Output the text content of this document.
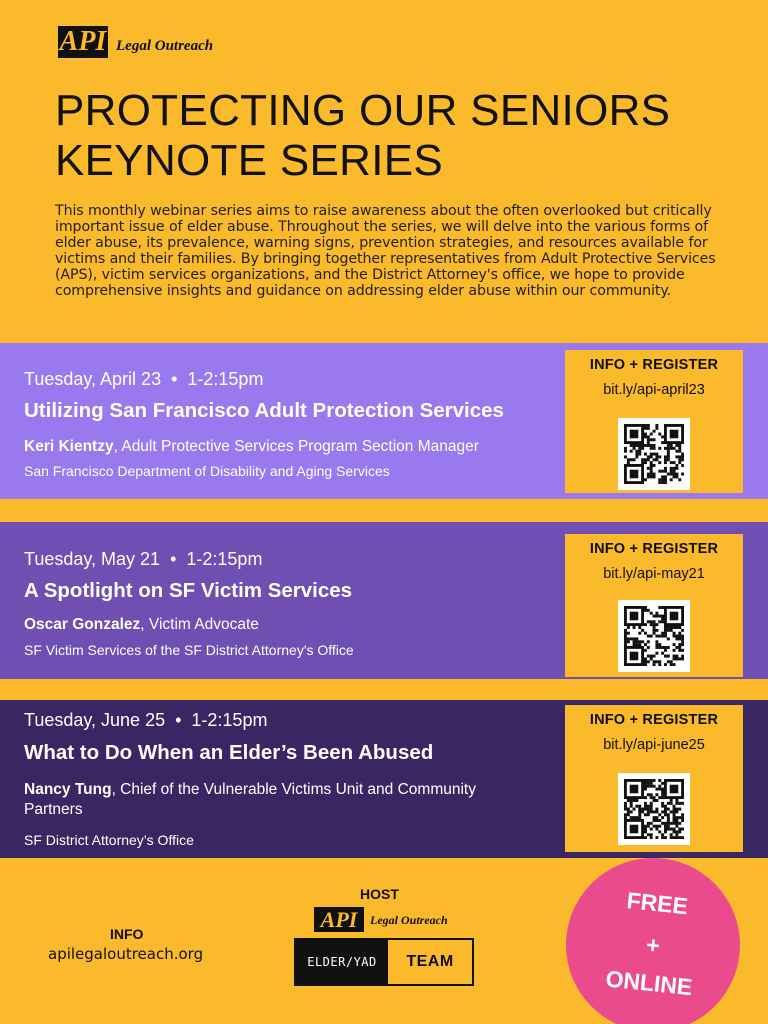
API Legal Outreach
PROTECTING OUR SENIORS
KEYNOTE SERIES

This monthly webinar series aims to raise awareness about the often overlooked but critically important issue of elder abuse. Throughout the series, we will delve into the various forms of elder abuse, its prevalence, warning signs, prevention strategies, and resources available for victims and their families. By bringing together representatives from Adult Protective Services (APS), victim services organizations, and the District Attorney's office, we hope to provide comprehensive insights and guidance on addressing elder abuse within our community.

Tuesday, April 23  •  1-2:15pm
Utilizing San Francisco Adult Protection Services
Keri Kientzy, Adult Protective Services Program Section Manager
San Francisco Department of Disability and Aging Services
INFO + REGISTER
bit.ly/api-april23
Tuesday, May 21  •  1-2:15pm
A Spotlight on SF Victim Services
Oscar Gonzalez, Victim Advocate
SF Victim Services of the SF District Attorney's Office
INFO + REGISTER
bit.ly/api-may21
Tuesday, June 25  •  1-2:15pm
What to Do When an Elder’s Been Abused
Nancy Tung, Chief of the Vulnerable Victims Unit and Community Partners
SF District Attorney’s Office
INFO + REGISTER
bit.ly/api-june25
INFO
apilegaloutreach.org
HOST
API	Legal Outreach
ELDER/YAD	TEAM
FREE
+
ONLINE
